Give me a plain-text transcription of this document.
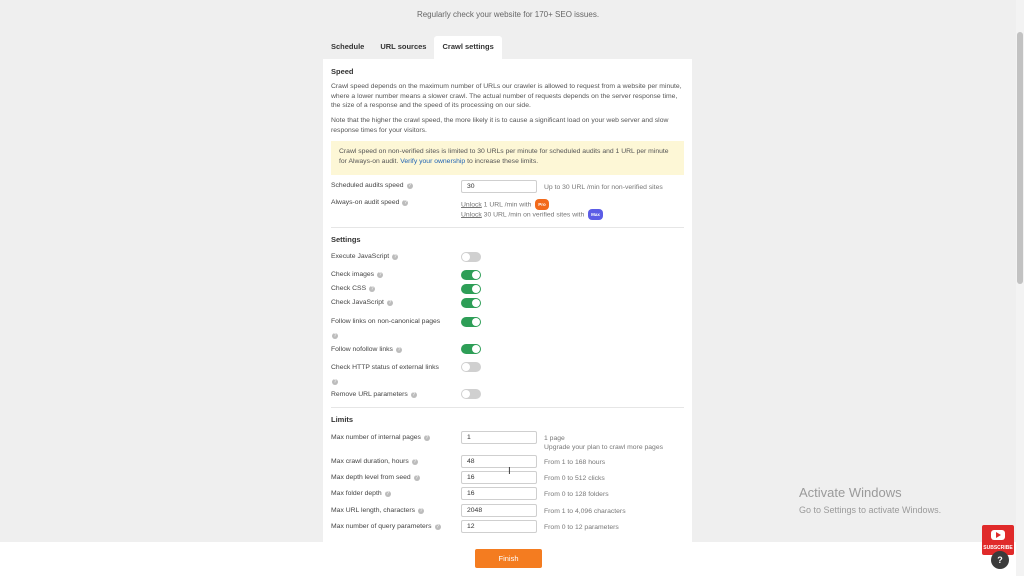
Regularly check your website for 170+ SEO issues.
Schedule	URL sources	Crawl settings
Speed
Crawl speed depends on the maximum number of URLs our crawler is allowed to request from a website per minute, where a lower number means a slower crawl. The actual number of requests depends on the server response time, the size of a response and the speed of its processing on our side.
Note that the higher the crawl speed, the more likely it is to cause a significant load on your web server and slow response times for your visitors.
Crawl speed on non-verified sites is limited to 30 URLs per minute for scheduled audits and 1 URL per minute for Always-on audit. Verify your ownership to increase these limits.
Scheduled audits speed ?	30	Up to 30 URL /min for non-verified sites
Always-on audit speed ?	Unlock 1 URL /min with Pro
Unlock 30 URL /min on verified sites with Max
Settings
Execute JavaScript ?
Check images ?
Check CSS ?
Check JavaScript ?
Follow links on non-canonical pages
?
Follow nofollow links ?
Check HTTP status of external links
?
Remove URL parameters ?
Limits
Max number of internal pages ?	1	1 page
Upgrade your plan to crawl more pages
Max crawl duration, hours ?	48	From 1 to 168 hours
Max depth level from seed ?	16	From 0 to 512 clicks
Max folder depth ?	16	From 0 to 128 folders
Max URL length, characters ?	2048	From 1 to 4,096 characters
Max number of query parameters ?	12	From 0 to 12 parameters
I
Finish
Activate Windows
Go to Settings to activate Windows.
SUBSCRIBE
?
